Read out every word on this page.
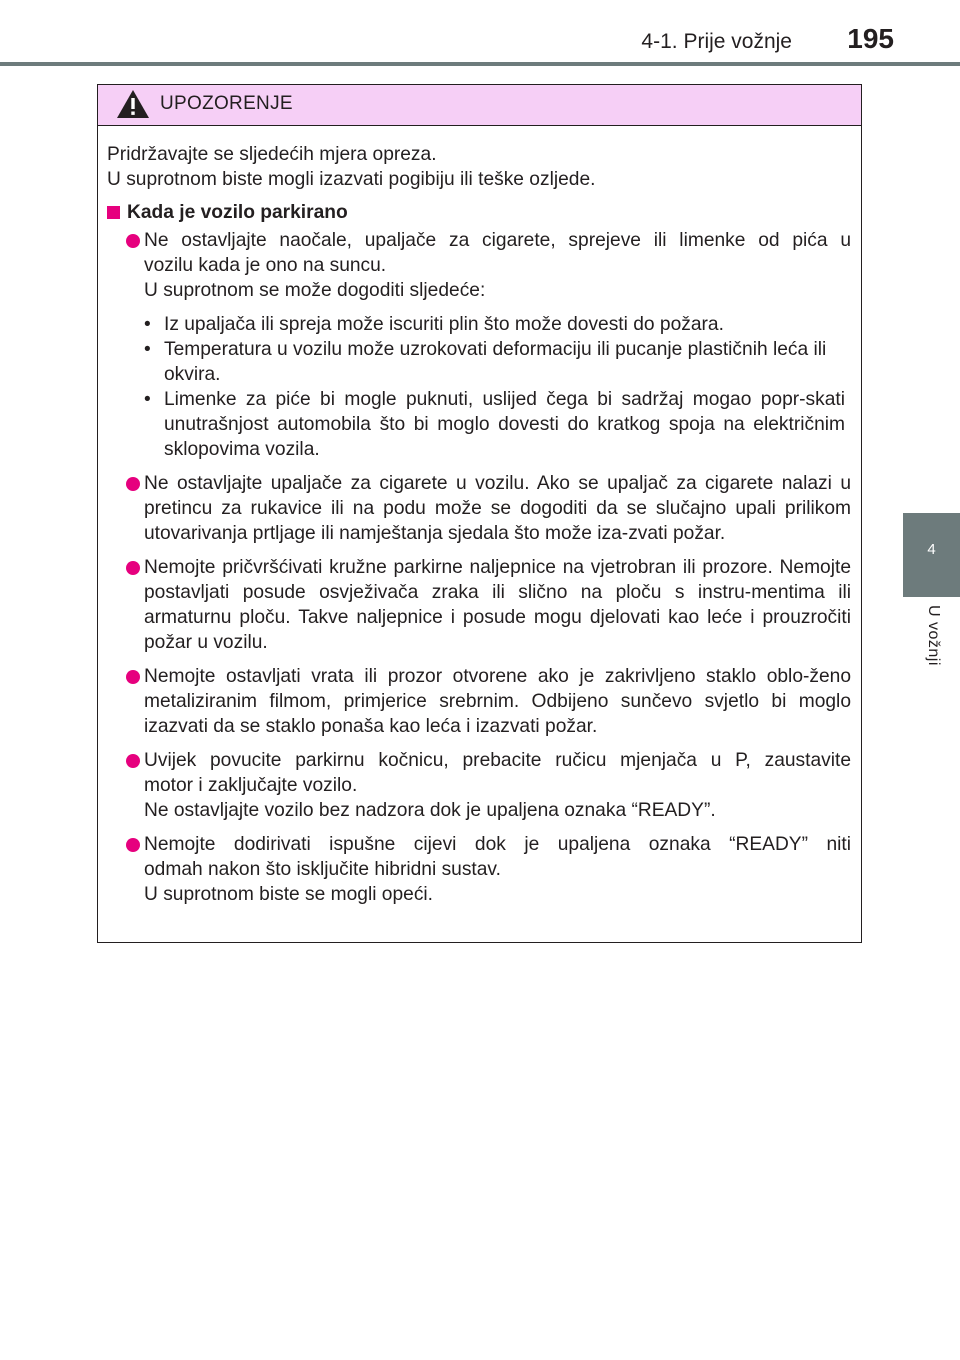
4-1. Prije vožnje 195
4
U vožnji
UPOZORENJE

Pridržavajte se sljedećih mjera opreza.

U suprotnom biste mogli izazvati pogibiju ili teške ozljede.

Kada je vozilo parkirano

Ne ostavljajte naočale, upaljače za cigarete, sprejeve ili limenke od pića u
vozilu kada je ono na suncu.
U suprotnom se može dogoditi sljedeće:

• Iz upaljača ili spreja može iscuriti plin što može dovesti do požara.
• Temperatura u vozilu može uzrokovati deformaciju ili pucanje plastičnih leća ili okvira.
• Limenke za piće bi mogle puknuti, uslijed čega bi sadržaj mogao popr-skati unutrašnjost automobila što bi moglo dovesti do kratkog spoja na električnim sklopovima vozila.

Ne ostavljajte upaljače za cigarete u vozilu. Ako se upaljač za cigarete nalazi u pretincu za rukavice ili na podu može se dogoditi da se slučajno upali prilikom utovarivanja prtljage ili namještanja sjedala što može iza-zvati požar.

Nemojte pričvršćivati kružne parkirne naljepnice na vjetrobran ili prozore. Nemojte postavljati posude osvježivača zraka ili slično na ploču s instru-mentima ili armaturnu ploču. Takve naljepnice i posude mogu djelovati kao leće i prouzročiti požar u vozilu.

Nemojte ostavljati vrata ili prozor otvorene ako je zakrivljeno staklo oblo-ženo metaliziranim filmom, primjerice srebrnim. Odbijeno sunčevo svjetlo bi moglo izazvati da se staklo ponaša kao leća i izazvati požar.

Uvijek povucite parkirnu kočnicu, prebacite ručicu mjenjača u P, zaustavite
motor i zaključajte vozilo.
Ne ostavljajte vozilo bez nadzora dok je upaljena oznaka “READY”.

Nemojte dodirivati ispušne cijevi dok je upaljena oznaka “READY” niti
odmah nakon što isključite hibridni sustav.
U suprotnom biste se mogli opeći.
